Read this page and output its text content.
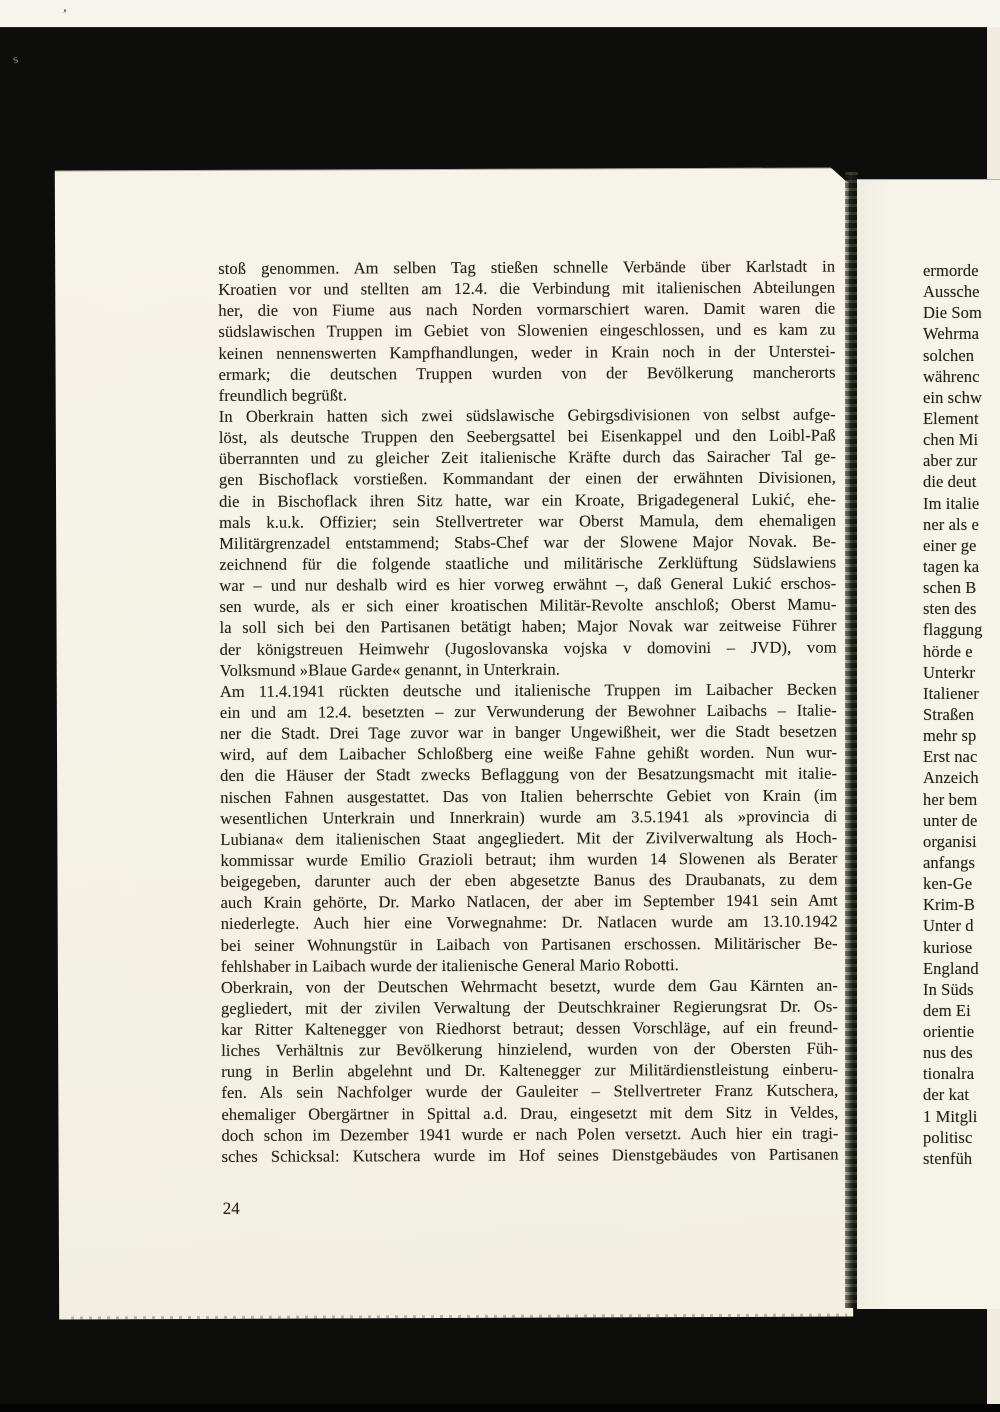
’
s
stoß genommen. Am selben Tag stießen schnelle Verbände über Karlstadt in
Kroatien vor und stellten am 12.4. die Verbindung mit italienischen Abteilungen
her, die von Fiume aus nach Norden vormarschiert waren. Damit waren die
südslawischen Truppen im Gebiet von Slowenien eingeschlossen, und es kam zu
keinen nennenswerten Kampfhandlungen, weder in Krain noch in der Unterstei-
ermark; die deutschen Truppen wurden von der Bevölkerung mancherorts
freundlich begrüßt.
In Oberkrain hatten sich zwei südslawische Gebirgsdivisionen von selbst aufge-
löst, als deutsche Truppen den Seebergsattel bei Eisenkappel und den Loibl-Paß
überrannten und zu gleicher Zeit italienische Kräfte durch das Sairacher Tal ge-
gen Bischoflack vorstießen. Kommandant der einen der erwähnten Divisionen,
die in Bischoflack ihren Sitz hatte, war ein Kroate, Brigadegeneral Lukić, ehe-
mals k.u.k. Offizier; sein Stellvertreter war Oberst Mamula, dem ehemaligen
Militärgrenzadel entstammend; Stabs-Chef war der Slowene Major Novak. Be-
zeichnend für die folgende staatliche und militärische Zerklüftung Südslawiens
war – und nur deshalb wird es hier vorweg erwähnt –, daß General Lukić erschos-
sen wurde, als er sich einer kroatischen Militär-Revolte anschloß; Oberst Mamu-
la soll sich bei den Partisanen betätigt haben; Major Novak war zeitweise Führer
der königstreuen Heimwehr (Jugoslovanska vojska v domovini – JVD), vom
Volksmund »Blaue Garde« genannt, in Unterkrain.
Am 11.4.1941 rückten deutsche und italienische Truppen im Laibacher Becken
ein und am 12.4. besetzten – zur Verwunderung der Bewohner Laibachs – Italie-
ner die Stadt. Drei Tage zuvor war in banger Ungewißheit, wer die Stadt besetzen
wird, auf dem Laibacher Schloßberg eine weiße Fahne gehißt worden. Nun wur-
den die Häuser der Stadt zwecks Beflaggung von der Besatzungsmacht mit italie-
nischen Fahnen ausgestattet. Das von Italien beherrschte Gebiet von Krain (im
wesentlichen Unterkrain und Innerkrain) wurde am 3.5.1941 als »provincia di
Lubiana« dem italienischen Staat angegliedert. Mit der Zivilverwaltung als Hoch-
kommissar wurde Emilio Grazioli betraut; ihm wurden 14 Slowenen als Berater
beigegeben, darunter auch der eben abgesetzte Banus des Draubanats, zu dem
auch Krain gehörte, Dr. Marko Natlacen, der aber im September 1941 sein Amt
niederlegte. Auch hier eine Vorwegnahme: Dr. Natlacen wurde am 13.10.1942
bei seiner Wohnungstür in Laibach von Partisanen erschossen. Militärischer Be-
fehlshaber in Laibach wurde der italienische General Mario Robotti.
Oberkrain, von der Deutschen Wehrmacht besetzt, wurde dem Gau Kärnten an-
gegliedert, mit der zivilen Verwaltung der Deutschkrainer Regierungsrat Dr. Os-
kar Ritter Kaltenegger von Riedhorst betraut; dessen Vorschläge, auf ein freund-
liches Verhältnis zur Bevölkerung hinzielend, wurden von der Obersten Füh-
rung in Berlin abgelehnt und Dr. Kaltenegger zur Militärdienstleistung einberu-
fen. Als sein Nachfolger wurde der Gauleiter – Stellvertreter Franz Kutschera,
ehemaliger Obergärtner in Spittal a.d. Drau, eingesetzt mit dem Sitz in Veldes,
doch schon im Dezember 1941 wurde er nach Polen versetzt. Auch hier ein tragi-
sches Schicksal: Kutschera wurde im Hof seines Dienstgebäudes von Partisanen
24
ermorde
Aussche
Die Som
Wehrma
solchen
währenc
ein schw
Element
chen Mi
aber zur
die deut
Im italie
ner als e
einer ge
tagen ka
schen B
sten des
flaggung
hörde e
Unterkr
Italiener
Straßen
mehr sp
Erst nac
Anzeich
her bem
unter de
organisi
anfangs
ken-Ge
Krim-B
Unter d
kuriose
England
In Süds
dem Ei
orientie
nus des
tionalra
der kat
1 Mitgli
politisc
stenfüh
